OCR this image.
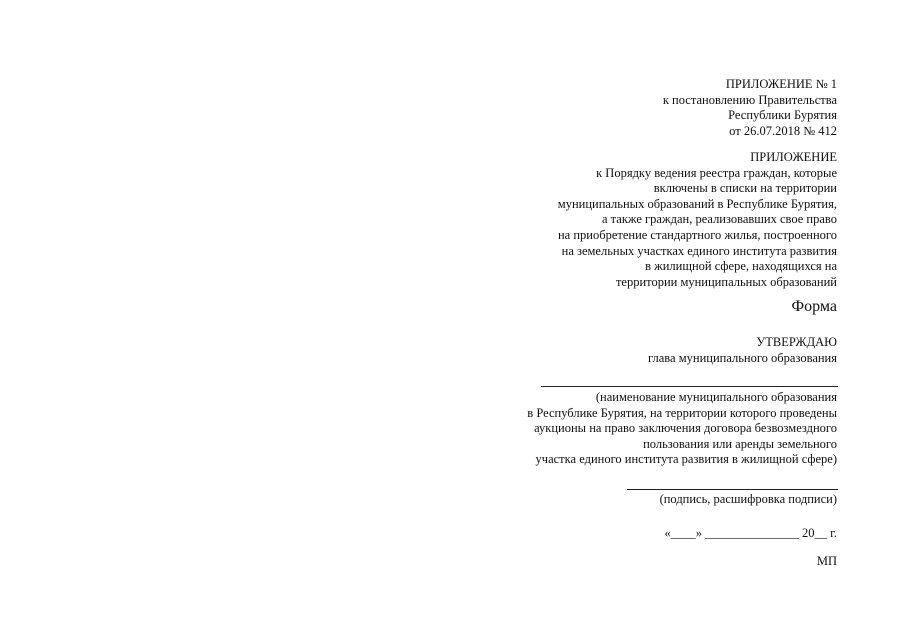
ПРИЛОЖЕНИЕ № 1
к постановлению Правительства
Республики Бурятия
от 26.07.2018 № 412
ПРИЛОЖЕНИЕ
к Порядку ведения реестра граждан, которые
включены в списки на территории
муниципальных образований в Республике Бурятия,
а также граждан, реализовавших свое право
на приобретение стандартного жилья, построенного
на земельных участках единого института развития
в жилищной сфере, находящихся на
территории муниципальных образований
Форма
УТВЕРЖДАЮ
глава муниципального образования
(наименование муниципального образования
в Республике Бурятия, на территории которого проведены
аукционы на право заключения договора безвозмездного
пользования или аренды земельного
участка единого института развития в жилищной сфере)
(подпись, расшифровка подписи)
«____» _______________ 20__ г.
МП
